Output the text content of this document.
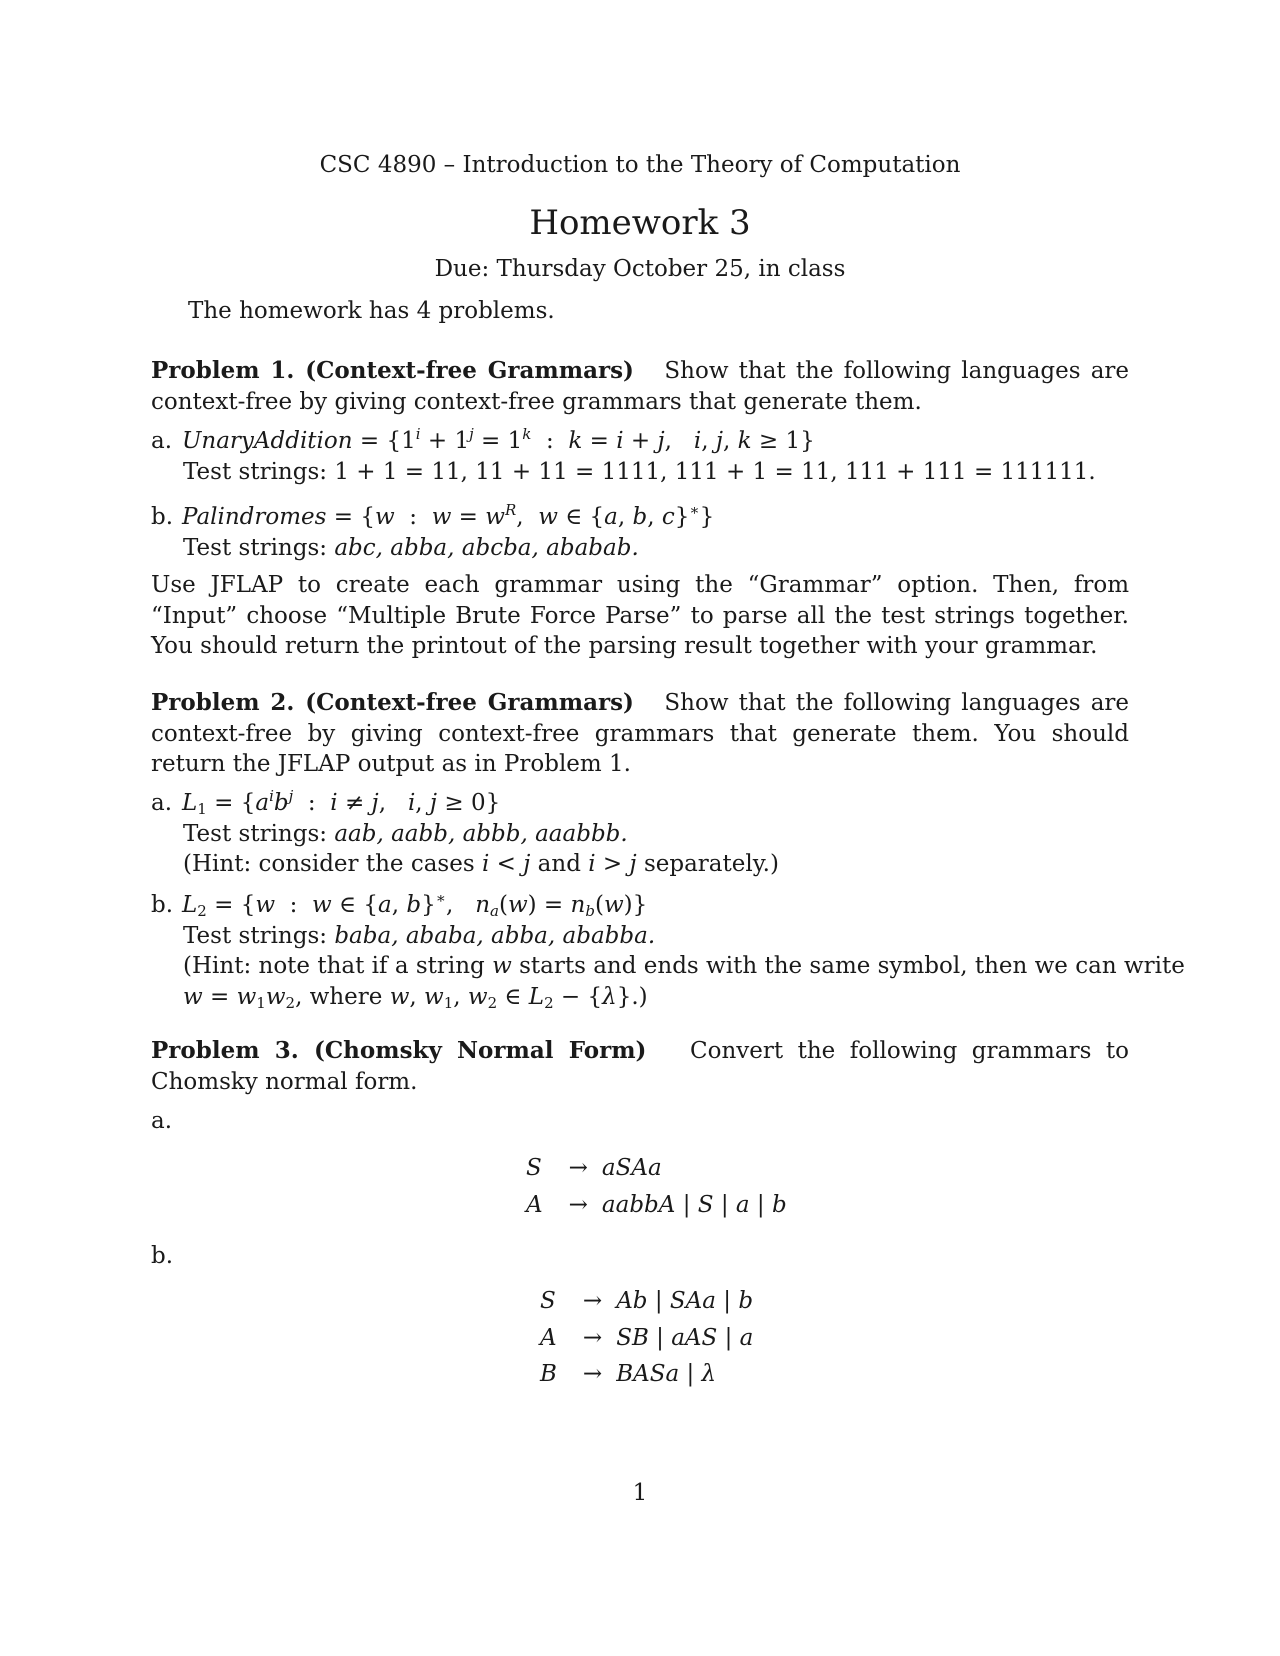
CSC 4890 – Introduction to the Theory of Computation
Homework 3
Due: Thursday October 25, in class
The homework has 4 problems.
Problem 1. (Context-free Grammars) Show that the following languages are context-free by giving context-free grammars that generate them.
a. UnaryAddition = {$1^i + 1^j = 1^k$  :  k = i + j,   i, j, k ≥ 1}
Test strings: 1 + 1 = 11, 11 + 11 = 1111, 111 + 1 = 11, 111 + 111 = 111111.
b. Palindromes = {w  :  $w = w^R$,  w ∈ {a, b, c}∗}
Test strings: abc, abba, abcba, ababab.
Use JFLAP to create each grammar using the “Grammar” option. Then, from “Input” choose “Multiple Brute Force Parse” to parse all the test strings together. You should return the printout of the parsing result together with your grammar.
Problem 2. (Context-free Grammars) Show that the following languages are context-free by giving context-free grammars that generate them. You should return the JFLAP output as in Problem 1.
a. $L_1 = \{a^ib^j$  :  i ≠ j,   i, j ≥ 0}
Test strings: aab, aabb, abbb, aaabbb.
(Hint: consider the cases i < j and i > j separately.)
b. $L_2 = \{w$  :  w ∈ {a, b}∗,   $n_a(w) = n_b(w)$}
Test strings: baba, ababa, abba, ababba.
(Hint: note that if a string w starts and ends with the same symbol, then we can write
$w = w_1w_2$, where w, $w_1$, $w_2$ ∈ $L_2 - \{\lambda\}$.)
Problem 3. (Chomsky Normal Form) Convert the following grammars to Chomsky normal form.
a.
S	→	aSAa
A	→	aabbA | S | a | b
b.
S	→	Ab | SAa | b
A	→	SB | aAS | a
B	→	BASa | λ
1
